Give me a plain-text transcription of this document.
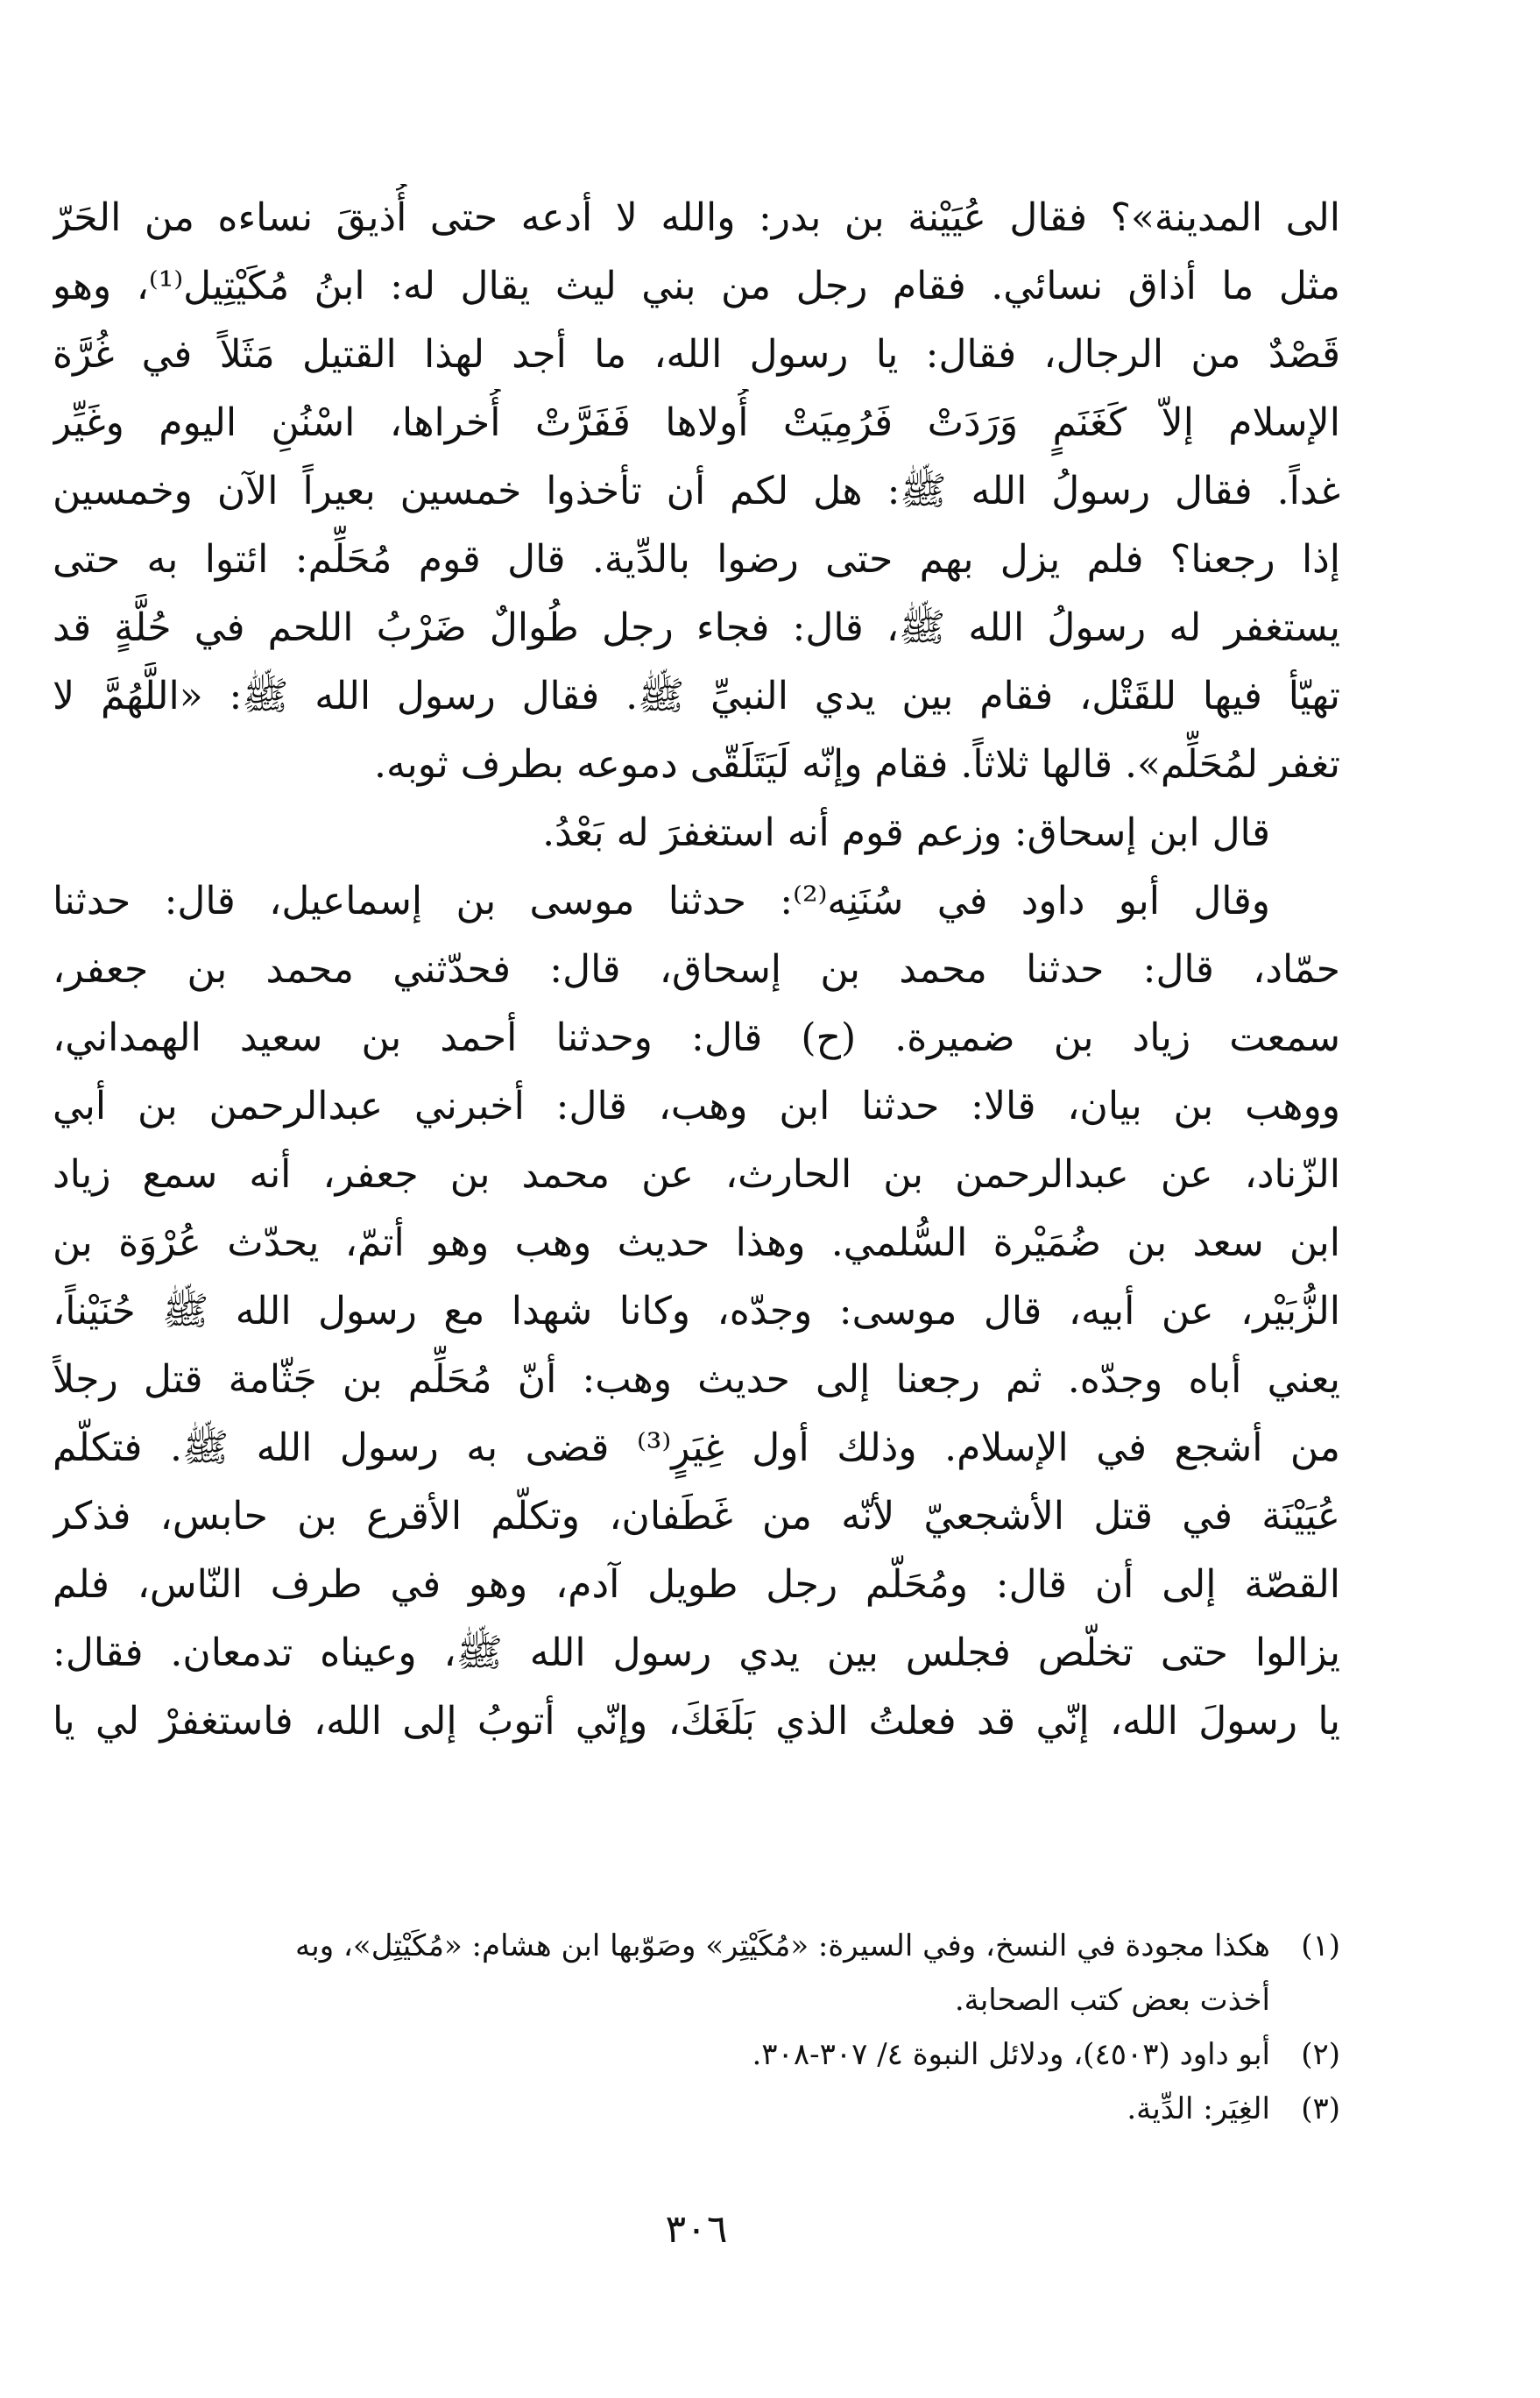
الى المدينة»؟ فقال عُيَيْنة بن بدر: والله لا أدعه حتى أُذيقَ نساءه من الحَرّ
مثل ما أذاق نسائي. فقام رجل من بني ليث يقال له: ابنُ مُكَيْتِيل⁽¹⁾، وهو
قَصْدٌ من الرجال، فقال: يا رسول الله، ما أجد لهذا القتيل مَثَلاً في غُرَّة
الإسلام إلاّ كَغَنَمٍ وَرَدَتْ فَرُمِيَتْ أُولاها فَفَرَّتْ أُخراها، اسْنُنِ اليوم وغَيِّر
غداً. فقال رسولُ الله ﷺ: هل لكم أن تأخذوا خمسين بعيراً الآن وخمسين
إذا رجعنا؟ فلم يزل بهم حتى رضوا بالدِّية. قال قوم مُحَلِّم: ائتوا به حتى
يستغفر له رسولُ الله ﷺ، قال: فجاء رجل طُوالٌ ضَرْبُ اللحم في حُلَّةٍ قد
تهيّأ فيها للقَتْل، فقام بين يدي النبيِّ ﷺ. فقال رسول الله ﷺ: «اللَّهُمَّ لا
تغفر لمُحَلِّم». قالها ثلاثاً. فقام وإنّه لَيَتَلَقّى دموعه بطرف ثوبه.
قال ابن إسحاق: وزعم قوم أنه استغفرَ له بَعْدُ.
وقال أبو داود في سُنَنِه⁽²⁾: حدثنا موسى بن إسماعيل، قال: حدثنا
حمّاد، قال: حدثنا محمد بن إسحاق، قال: فحدّثني محمد بن جعفر،
سمعت زياد بن ضميرة. (ح) قال: وحدثنا أحمد بن سعيد الهمداني،
ووهب بن بيان، قالا: حدثنا ابن وهب، قال: أخبرني عبدالرحمن بن أبي
الزّناد، عن عبدالرحمن بن الحارث، عن محمد بن جعفر، أنه سمع زياد
ابن سعد بن ضُمَيْرة السُّلمي. وهذا حديث وهب وهو أتمّ، يحدّث عُرْوَة بن
الزُّبَيْر، عن أبيه، قال موسى: وجدّه، وكانا شهدا مع رسول الله ﷺ حُنَيْناً،
يعني أباه وجدّه. ثم رجعنا إلى حديث وهب: أنّ مُحَلِّم بن جَثّامة قتل رجلاً
من أشجع في الإسلام. وذلك أول غِيَرٍ⁽³⁾ قضى به رسول الله ﷺ. فتكلّم
عُيَيْنَة في قتل الأشجعيّ لأنّه من غَطَفان، وتكلّم الأقرع بن حابس، فذكر
القصّة إلى أن قال: ومُحَلّم رجل طويل آدم، وهو في طرف النّاس، فلم
يزالوا حتى تخلّص فجلس بين يدي رسول الله ﷺ، وعيناه تدمعان. فقال:
يا رسولَ الله، إنّي قد فعلتُ الذي بَلَغَكَ، وإنّي أتوبُ إلى الله، فاستغفرْ لي يا
(١)هكذا مجودة في النسخ، وفي السيرة: «مُكَيْتِر» وصَوّبها ابن هشام: «مُكَيْتِل»، وبه
أخذت بعض كتب الصحابة.
(٢)أبو داود (٤٥٠٣)، ودلائل النبوة ٤/ ٣٠٧-٣٠٨.
(٣)الغِيَر: الدِّية.
٣٠٦
